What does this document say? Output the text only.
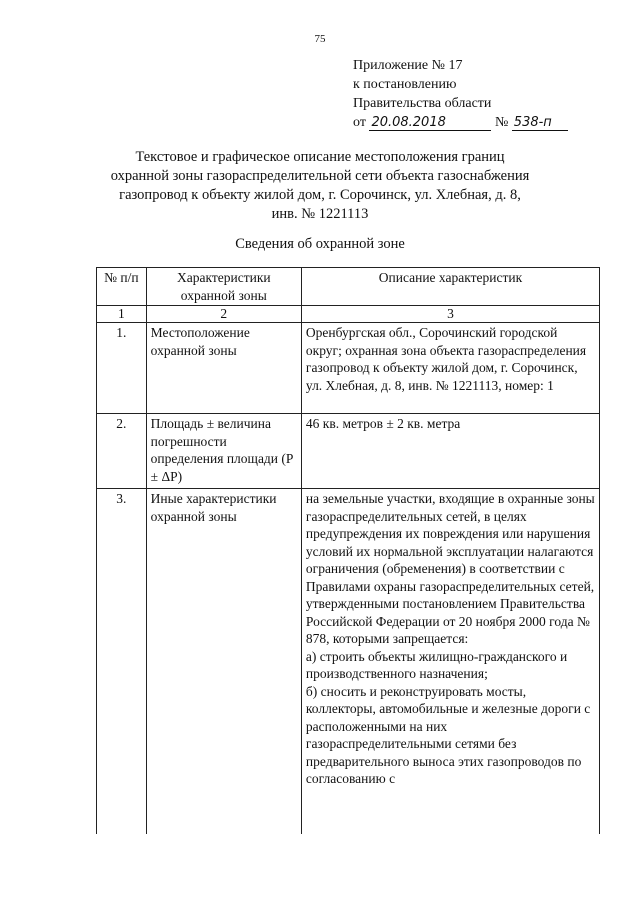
75
Приложение № 17
к постановлению
Правительства области
от 20.08.2018	№ 538-п
Текстовое и графическое описание местоположения границ
охранной зоны газораспределительной сети объекта газоснабжения
газопровод к объекту жилой дом, г. Сорочинск, ул. Хлебная, д. 8,
инв. № 1221113
Сведения об охранной зоне
№ п/п	Характеристики охранной зоны	Описание характеристик
1	2	3
1.	Местоположение охранной зоны	Оренбургская обл., Сорочинский городской округ; охранная зона объекта газораспределения газопровод к объекту жилой дом, г. Сорочинск, ул. Хлебная, д. 8, инв. № 1221113, номер: 1
2.	Площадь ± величина погрешности определения площади (Р ± ΔР)	46 кв. метров ± 2 кв. метра
3.	Иные характеристики охранной зоны	на земельные участки, входящие в охранные зоны газораспределительных сетей, в целях предупреждения их повреждения или нарушения условий их нормальной эксплуатации налагаются ограничения (обременения) в соответствии с Правилами охраны газораспределительных сетей, утвержденными постановлением Правительства Российской Федерации от 20 ноября 2000 года № 878, которыми запрещается:
а) строить объекты жилищно-гражданского и производственного назначения;
б) сносить и реконструировать мосты, коллекторы, автомобильные и железные дороги с расположенными на них газораспределительными сетями без предварительного выноса этих газопроводов по согласованию с
